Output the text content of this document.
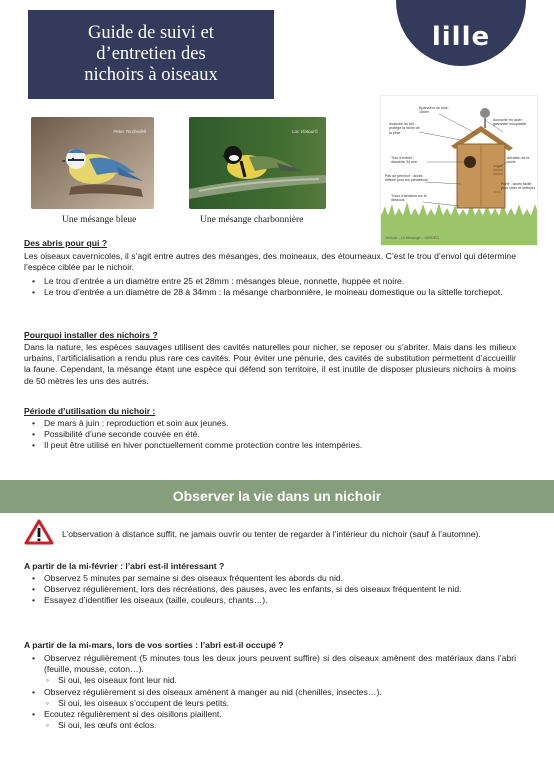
Guide de suivi et
d’entretien des
nichoirs à oiseaux
lille
Peter Torchedell
Une mésange bleue
Luc Viatour©
Une mésange charbonnière
Épaisseur du bois : 15mm
Avancée du toit : protège la niche de la pluie
Accroche en acier galvanisé inoxydable
Trou d’entrée : diamètre 34 mm
Aération de la niche
Pas de perchoir : accès difficile pour les prédateurs
Porte : accès facile pour vider et nettoyer
Trous d’aération sur le dessous
Vertical – La Mésange – MIRDEO
Des abris pour qui ?
Les oiseaux cavernicoles, il s’agit entre autres des mésanges, des moineaux, des étourneaux. C’est le trou d’envol qui détermine l’espèce ciblée par le nichoir.
• Le trou d’entrée a un diamètre entre 25 et 28mm : mésanges bleue, nonnette, huppée et noire.
• Le trou d’entrée a un diamètre de 28 à 34mm : la mésange charbonnière, le moineau domestique ou la sittelle torchepot.
Pourquoi installer des nichoirs ?
Dans la nature, les espèces sauvages utilisent des cavités naturelles pour nicher, se reposer ou s’abriter. Mais dans les milieux urbains, l’artificialisation a rendu plus rare ces cavités. Pour éviter une pénurie, des cavités de substitution permettent d’accueillir la faune. Cependant, la mésange étant une espèce qui défend son territoire, il est inutile de disposer plusieurs nichoirs à moins de 50 mètres les uns des autres.
Période d’utilisation du nichoir :
• De mars à juin : reproduction et soin aux jeunes.
• Possibilité d’une seconde couvée en été.
• Il peut être utilisé en hiver ponctuellement comme protection contre les intempéries.
Observer la vie dans un nichoir
L’observation à distance suffit, ne jamais ouvrir ou tenter de regarder à l’intérieur du nichoir (sauf à l’automne).
A partir de la mi-février : l’abri est-il intéressant ?
• Observez 5 minutes par semaine si des oiseaux fréquentent les abords du nid.
• Observez régulièrement, lors des récréations, des pauses, avec les enfants, si des oiseaux fréquentent le nid.
• Essayez d’identifier les oiseaux (taille, couleurs, chants…).
A partir de la mi-mars, lors de vos sorties : l’abri est-il occupé ?
• Observez régulièrement (5 minutes tous les deux jours peuvent suffire) si des oiseaux amènent des matériaux dans l’abri (feuille, mousse, coton…).
◦ Si oui, les oiseaux font leur nid.
• Observez régulièrement si des oiseaux amènent à manger au nid (chenilles, insectes…).
◦ Si oui, les oiseaux s’occupent de leurs petits.
• Ecoutez régulièrement si des oisillons piaillent.
◦ Si oui, les œufs ont éclos.
